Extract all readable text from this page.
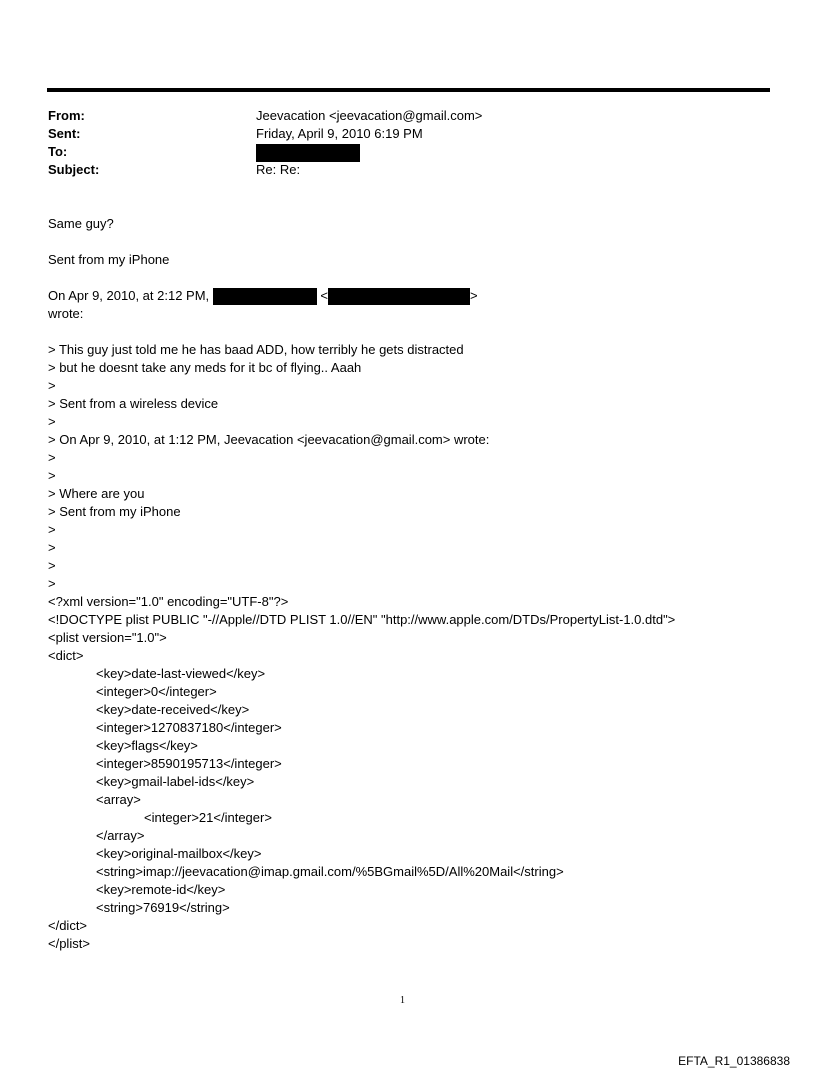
From:	Jeevacation <jeevacation@gmail.com>
Sent:	Friday, April 9, 2010 6:19 PM
To:
Subject:	Re: Re:
Same guy?
Sent from my iPhone
On Apr 9, 2010, at 2:12 PM,	<	>
wrote:
> This guy just told me he has baad ADD, how terribly he gets distracted
> but he doesnt take any meds for it bc of flying.. Aaah
>
> Sent from a wireless device
>
> On Apr 9, 2010, at 1:12 PM, Jeevacation <jeevacation@gmail.com> wrote:
>
>
> Where are you
> Sent from my iPhone
>
>
>
>
<?xml version="1.0" encoding="UTF-8"?>
<!DOCTYPE plist PUBLIC "-//Apple//DTD PLIST 1.0//EN" "http://www.apple.com/DTDs/PropertyList-1.0.dtd">
<plist version="1.0">
<dict>
<key>date-last-viewed</key>
<integer>0</integer>
<key>date-received</key>
<integer>1270837180</integer>
<key>flags</key>
<integer>8590195713</integer>
<key>gmail-label-ids</key>
<array>
<integer>21</integer>
</array>
<key>original-mailbox</key>
<string>imap://jeevacation@imap.gmail.com/%5BGmail%5D/All%20Mail</string>
<key>remote-id</key>
<string>76919</string>
</dict>
</plist>
1
EFTA_R1_01386838
